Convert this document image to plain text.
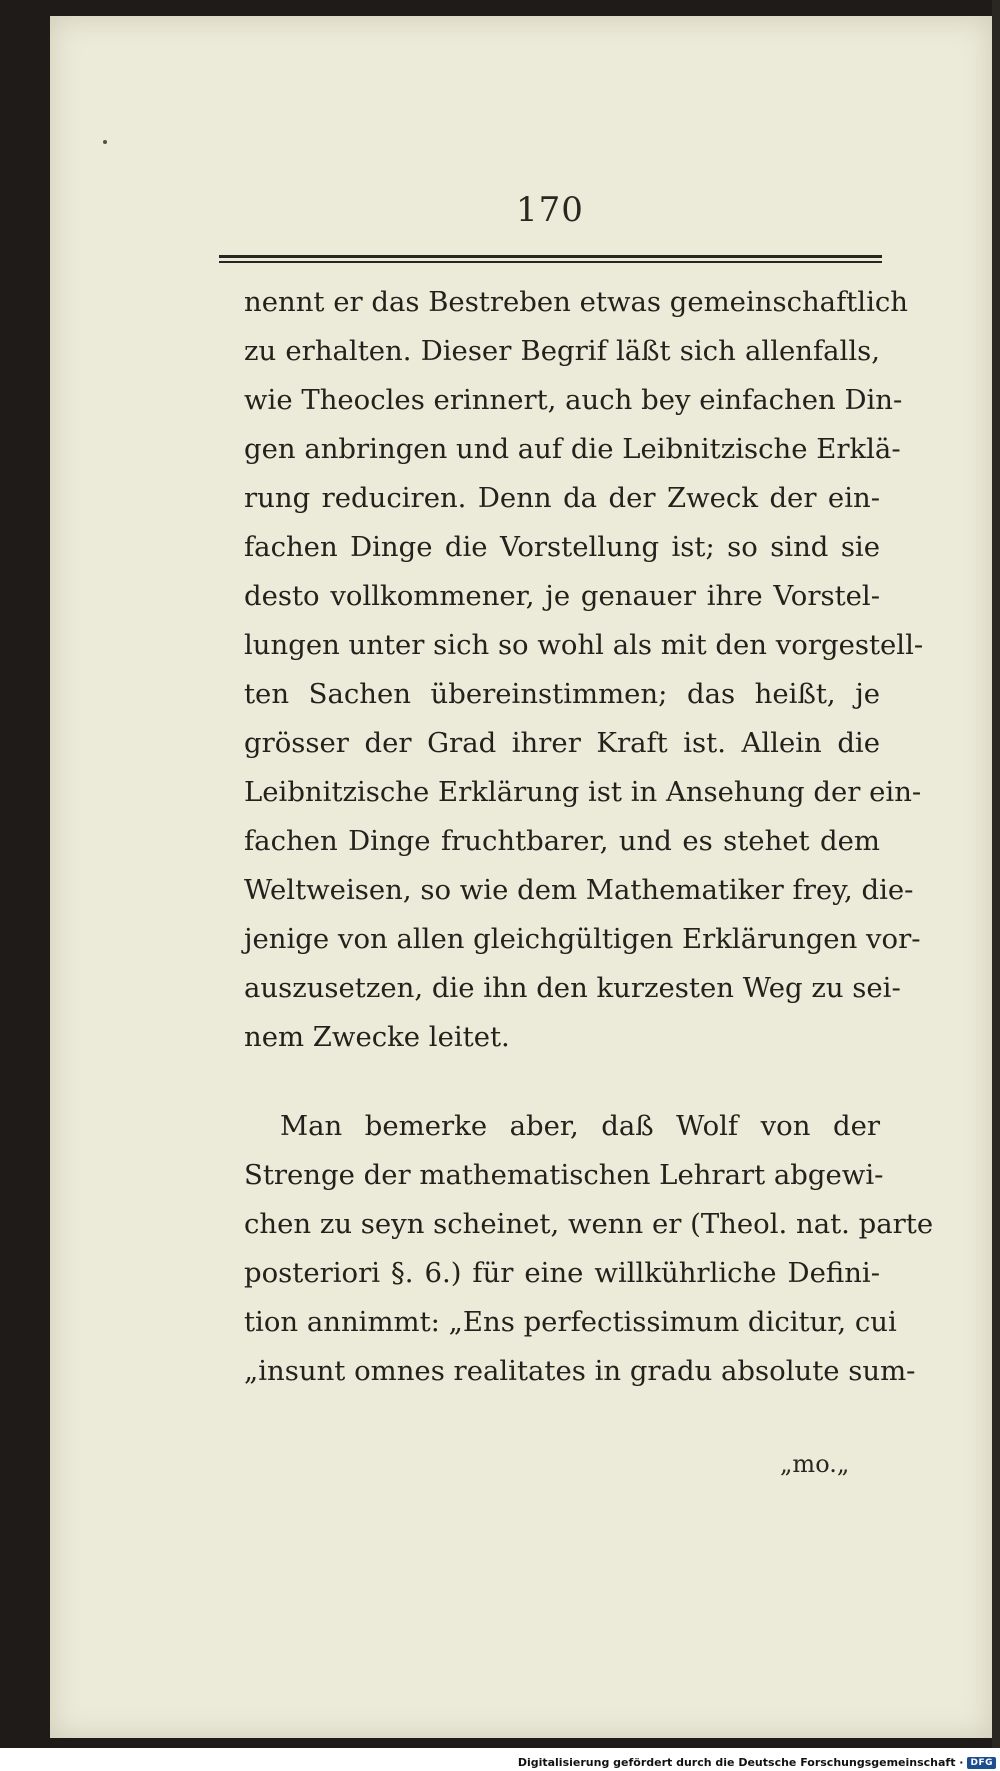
170
nennt er das Bestreben etwas gemeinschaftlich
zu erhalten. Dieser Begrif läßt sich allenfalls,
wie Theocles erinnert, auch bey einfachen Din-
gen anbringen und auf die Leibnitzische Erklä-
rung reduciren. Denn da der Zweck der ein-
fachen Dinge die Vorstellung ist; so sind sie
desto vollkommener, je genauer ihre Vorstel-
lungen unter sich so wohl als mit den vorgestell-
ten Sachen übereinstimmen; das heißt, je
grösser der Grad ihrer Kraft ist. Allein die
Leibnitzische Erklärung ist in Ansehung der ein-
fachen Dinge fruchtbarer, und es stehet dem
Weltweisen, so wie dem Mathematiker frey, die-
jenige von allen gleichgültigen Erklärungen vor-
auszusetzen, die ihn den kurzesten Weg zu sei-
nem Zwecke leitet.
Man bemerke aber, daß Wolf von der
Strenge der mathematischen Lehrart abgewi-
chen zu seyn scheinet, wenn er (Theol. nat. parte
posteriori §. 6.) für eine willkührliche Defini-
tion annimmt: „Ens perfectissimum dicitur, cui
„insunt omnes realitates in gradu absolute sum-
„mo.„
Digitalisierung gefördert durch die Deutsche Forschungsgemeinschaft · DFG
